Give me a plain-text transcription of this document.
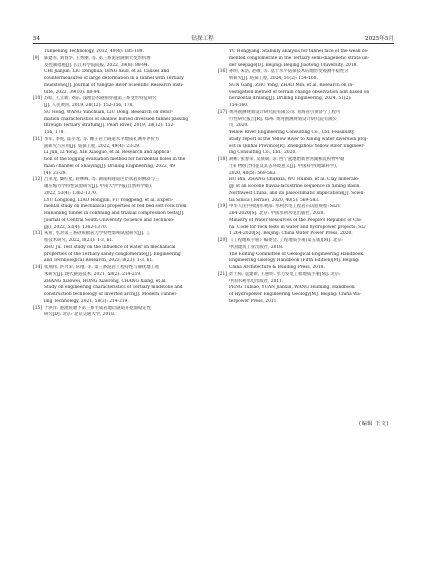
54	钻探工程	2025年5月
Tunnelling Technology, 2012, 49(4): 185-189.
[9]	陈建军, 刘春华, 王秀丽, 等. 第三系泥岩隧洞大变形机理
及控制措施[J]. 长江科学院院报, 2022, 39(8): 88-94.
CHI Jianjun, LIU Donghua, DING Xiuli, et al. Causes and
countermeasures of large deformation in a tunnel with Tertiary
mudstone[J]. Journal of Yangtze River Scientific Research Insti-
tute, 2022, 39(10): 88-94.
[10] 苏虹, 王立新, 刘东. 浅埋岱水隧洞穿越第三系变形特征研究
[J]. 人民黄河, 2019, 38(12): 152-156, 178.
SU Hong, WANG Yunchuan, LIU Dong. Research on defor-
mation characteristics of shallow buried diversion tunnel passing
through Tertiary stratum[J]. Pearl River, 2019, 38(12): 152-
156, 178.
[11] 李军, 李虎, 霍小龙, 等. 摊子岩上隧道水平地质孔测井评价方
面研究与应用[J]. 钻探工程, 2022, 49(4): 23-29.
LI Jun, LI Yong, XIE Xiaoguo, et al. Research and applica-
tion of the logging evaluation method for horizontal holes in the
main channel of Shaiying[J]. Drilling Engineering, 2022, 49
(4): 23-29.
[12] 吕亚龙, 廉红星, 蒋林峰, 等. 湖南科隆道区层状岩的侧斜与三
轴压缩力学特性试验研究[J]. 中南大学学报(自然科学版),
2022, 53(4): 1362-1370.
LYU Longlong, LIAO Hongjun, FU Yongpeng, et al. Experi-
mental study on mechanical properties of red bed soft rock from
Hunanling tunnel in confining and triaxial compression tests[J].
Journal of Central South University (Science and Technolo-
gy), 2022, 53(4): 1362-1370.
[13] 朱希, 水对第三系砂质板岩力学特性影响试验研究[J]. 工
程技术研究, 2022, 8(23): 1-3, 61.
ZHU Ju. Test study on the influence of water on mechanical
properties of the Tertiary sandy conglomerate[J]. Engineering
and Technological Research, 2023, 8(23): 1-3, 61.
[14] 张翔伟, 洪兴荣, 常翔, 等. 第三系泥岩工程特性与静扰地工程
术研究[J]. 现代隧道技术, 2021, 58(2): 214-219.
ZHANG Xiaowei, HONG Xiaorong, CHANG Xiang, et al.
Study on engineering characteristics of Tertiary mudstone and
construction technology of inverted arch[J]. Modern Tunnel-
ling Technology, 2021, 58(2): 214-219.
[15] 于洪洋. 港流鱼塘下第三系半成岩地层隧道开挖面稳定性
研究[D]. 北京: 北京交通大学, 2018.
YU Hongyang. Stability analysis for tunnel face of the weak ce-
mented conglomerate in the Tertiary semi-diagenetic strata un-
der seepage[D]. Beijing: Beijing Jiaotong University, 2018.
[16] 孙明, 朱浩, 赵敬, 等. 基于水平钻探技术的地形变观测平稳性分
析研究[J]. 钻探工程, 2024, 51(2): 154-160.
SUN Gang, ZHU Yong, ZHAO Min, et al. Research on in-
vestigation method of terrain change observation adit based on
horizontal drilling[J]. Drilling Engineering, 2024, 51(2):
154-160.
[17] 黄河勘测规划设计研究院有限公司. 青海省引黄济宁工程可
行性研究报告[R]. 郑州: 黄河勘测规划设计研究院有限公
司, 2020.
Yellow River Engineering Consulting Co., Ltd. Feasibility
study report of the Yellow River to Xining water diversion proj-
ect in Qinhai Province[R]. Zhengzhou: Yellow River Engineer-
ing Consulting Co., Ltd., 2020.
[18] 胡彬, 张春荣, 吴肤斌, 等. 西宁盆地始新世河湖相沉积物中黏
土矿物组合特征及其古环境意义[J]. 中国科学(地球科学),
2020, 40(5): 569-583.
HU Bin, ZHANG Chunxia, WU Huibin, et al. Clay mineralo-
gy of an Eocene fluvial-lacustrine sequence in Xining Basin,
Northwest China, and its paleoclimatic implications[J]. Scien-
tia Sinica (Terrae), 2020, 40(5): 569-583.
[19] 中华人民共和国水利部. 水利水电工程岩石试验规程: SL/T
264-2020[S]. 北京: 中国水利水电出版社, 2020.
Ministry of Water Resources of the People's Republic of Chi-
na. Code for rock tests in water and hydropower projects: SL/
T 264-2020[S]. Beijing: China Water Power Press, 2020.
[20] 《工程地质手册》编委会. 工程地质手册(第五版)[M]. 北京:
中国建筑工业出版社, 2018.
The Editing Committee of Geological Engineering Handbook.
Engineering Geology Handbook (Fifth Edition)[M]. Beijing:
China Architecture & Building Press, 2018.
[21] 彭土标, 袁建新, 王惠明. 水力发电工程地质手册[M]. 北京:
中国水利水电出版社, 2011.
PENG Tubiao, YUAN Jianxin, WANG Huiming. Handbook
of Hydropower Engineering Geology[M]. Beijing: China Wa-
terpower Press, 2011.
(编辑 王文)
